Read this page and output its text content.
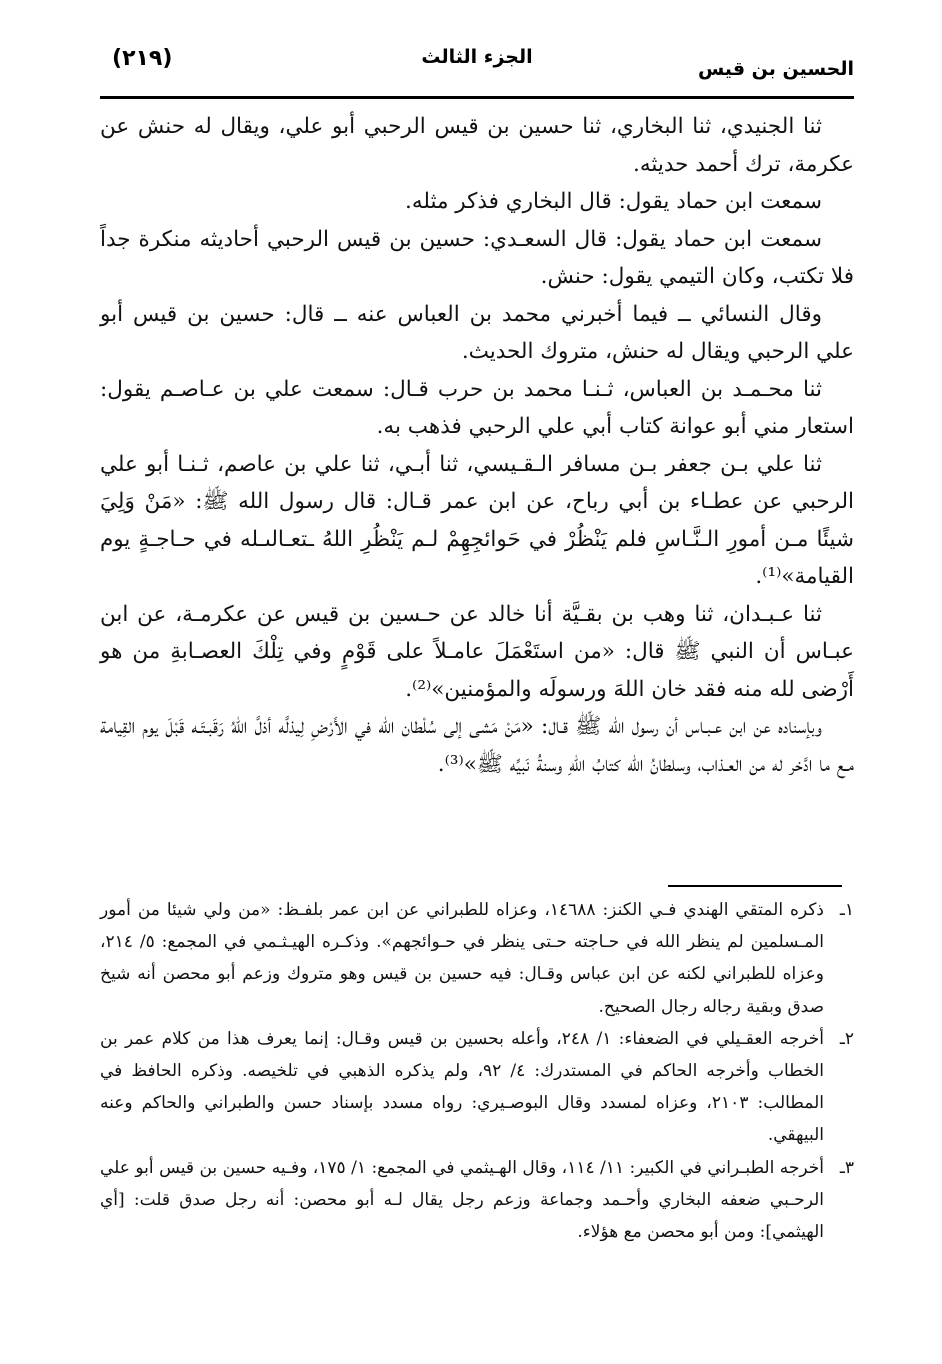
الحسين بن قيس
الجزء الثالث
(٢١٩)

ثنا الجنيدي، ثنا البخاري، ثنا حسين بن قيس الرحبي أبو علي، ويقال له حنش عن عكرمة، ترك أحمد حديثه.

سمعت ابن حماد يقول: قال البخاري فذكر مثله.

سمعت ابن حماد يقول: قال السعـدي: حسين بن قيس الرحبي أحاديثه منكرة جداً فلا تكتب، وكان التيمي يقول: حنش.

وقال النسائي ــ فيما أخبرني محمد بن العباس عنه ــ قال: حسين بن قيس أبو علي الرحبي ويقال له حنش، متروك الحديث.

ثنا محـمـد بن العباس، ثـنـا محمد بن حرب قـال: سمعت علي بن عـاصـم يقول: استعار مني أبو عوانة كتاب أبي علي الرحبي فذهب به.

ثنا علي بـن جعفر بـن مسافر الـقـيسي، ثنا أبـي، ثنا علي بن عاصم، ثـنـا أبو علي الرحبي عن عطـاء بن أبي رباح، عن ابن عمر قـال: قال رسول الله ﷺ: «مَنْ وَلِيَ شيئًا مـن أمورِ الـنَّـاسِ فلم يَنْظُرْ في حَوائجِهِمْ لـم يَنْظُرِ اللهُ ـتعـالىـله في حـاجـةٍ يوم القيامة»⁽¹⁾.

ثنا عـبـدان، ثنا وهب بن بقـيَّة أنا خالد عن حـسين بن قيس عن عكرمـة، عن ابن عبـاس أن النبي ﷺ قال: «من استَعْمَلَ عامـلاً على قَوْمٍ وفي تِلْكَ العصـابةِ من هو أَرْضى لله منه فقد خان اللهَ ورسولَه والمؤمنين»⁽²⁾.

وبإسناده عن ابن عـبـاس أن رسول الله ﷺ قـال: «مَنْ مَشى إلى سُلْطان الله في الأَرْضِ لِيذلَّه أذلَّ اللهُ رَقَبـتَـه قَبْلَ يوم القِيامة مـع ما ادَّخر له من العـذاب، وسلطانُ الله كتابُ اللهِ وسنةُ نَبيِّه ﷺ»⁽³⁾.

١ـ
ذكره المتقي الهندي فـي الكنز: ١٤٦٨٨، وعزاه للطبراني عن ابن عمر بلفـظ: «من ولي شيئا من أمور المـسلمين لم ينظر الله في حـاجته حـتى ينظر في حـوائجهم». وذكـره الهيـثـمي في المجمع: ٥/ ٢١٤، وعزاه للطبراني لكنه عن ابن عباس وقـال: فيه حسين بن قيس وهو متروك وزعم أبو محصن أنه شيخ صدق وبقية رجاله رجال الصحيح.

٢ـ
أخرجه العقـيلي في الضعفاء: ١/ ٢٤٨، وأعله بحسين بن قيس وقـال: إنما يعرف هذا من كلام عمر بن الخطاب وأخرجه الحاكم في المستدرك: ٤/ ٩٢، ولم يذكره الذهبي في تلخيصه. وذكره الحافظ في المطالب: ٢١٠٣، وعزاه لمسدد وقال البوصـيري: رواه مسدد بإسناد حسن والطبراني والحاكم وعنه البيهقي.

٣ـ
أخرجه الطبـراني في الكبير: ١١/ ١١٤، وقال الهـيثمي في المجمع: ١/ ١٧٥، وفـيه حسين بن قيس أبو علي الرحـبي ضعفه البخاري وأحـمد وجماعة وزعم رجل يقال لـه أبو محصن: أنه رجل صدق قلت: [أي الهيثمي]: ومن أبو محصن مع هؤلاء.
